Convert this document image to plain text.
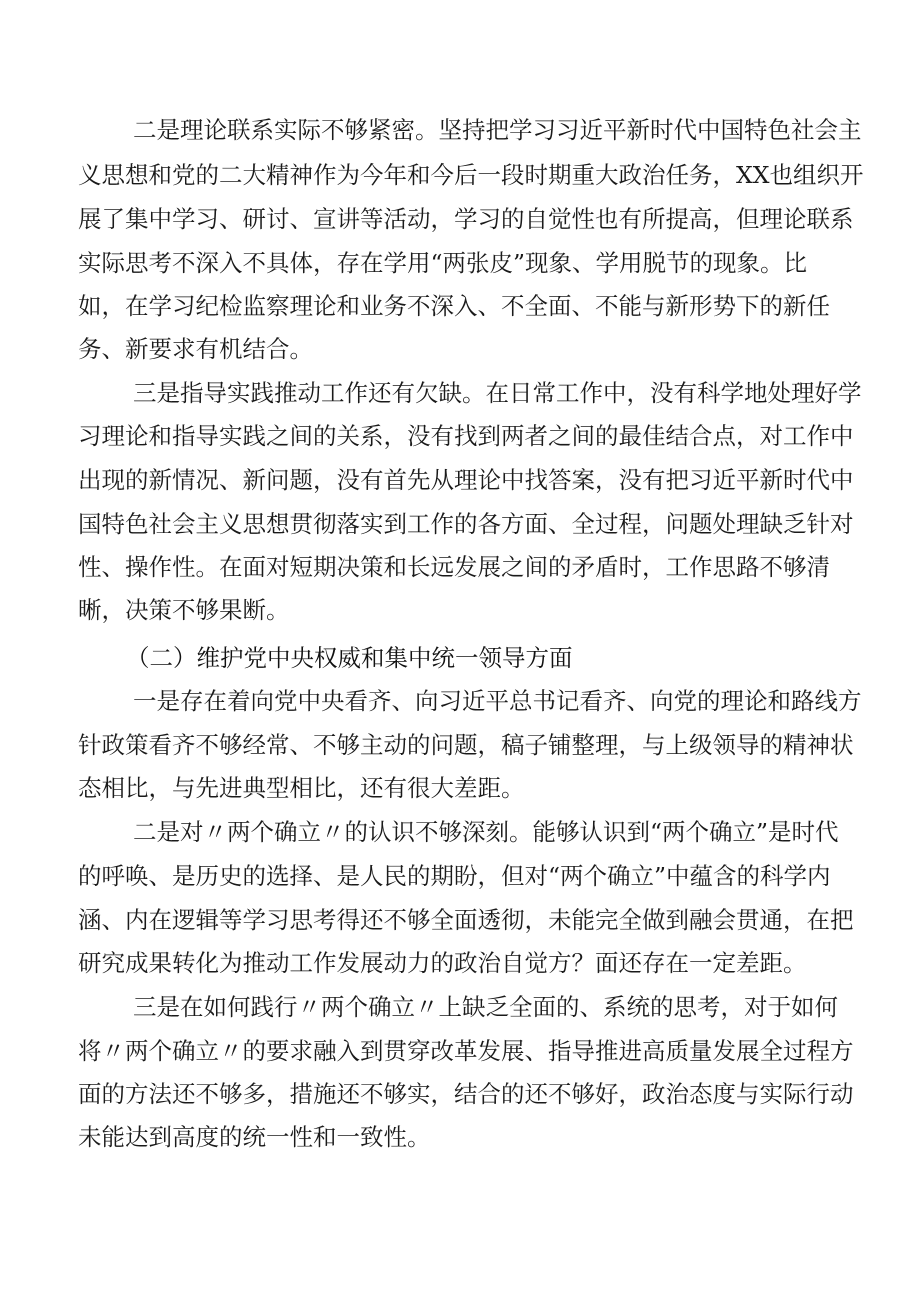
二是理论联系实际不够紧密。坚持把学习习近平新时代中国特色社会主
义思想和党的二大精神作为今年和今后一段时期重大政治任务，XX也组织开
展了集中学习、研讨、宣讲等活动，学习的自觉性也有所提高，但理论联系
实际思考不深入不具体，存在学用“两张皮”现象、学用脱节的现象。比
如，在学习纪检监察理论和业务不深入、不全面、不能与新形势下的新任
务、新要求有机结合。
三是指导实践推动工作还有欠缺。在日常工作中，没有科学地处理好学
习理论和指导实践之间的关系，没有找到两者之间的最佳结合点，对工作中
出现的新情况、新问题，没有首先从理论中找答案，没有把习近平新时代中
国特色社会主义思想贯彻落实到工作的各方面、全过程，问题处理缺乏针对
性、操作性。在面对短期决策和长远发展之间的矛盾时，工作思路不够清
晰，决策不够果断。
（二）维护党中央权威和集中统一领导方面
一是存在着向党中央看齐、向习近平总书记看齐、向党的理论和路线方
针政策看齐不够经常、不够主动的问题，稿子铺整理，与上级领导的精神状
态相比，与先进典型相比，还有很大差距。
二是对〃两个确立〃的认识不够深刻。能够认识到“两个确立”是时代
的呼唤、是历史的选择、是人民的期盼，但对“两个确立”中蕴含的科学内
涵、内在逻辑等学习思考得还不够全面透彻，未能完全做到融会贯通，在把
研究成果转化为推动工作发展动力的政治自觉方？面还存在一定差距。
三是在如何践行〃两个确立〃上缺乏全面的、系统的思考，对于如何
将〃两个确立〃的要求融入到贯穿改革发展、指导推进高质量发展全过程方
面的方法还不够多，措施还不够实，结合的还不够好，政治态度与实际行动
未能达到高度的统一性和一致性。
